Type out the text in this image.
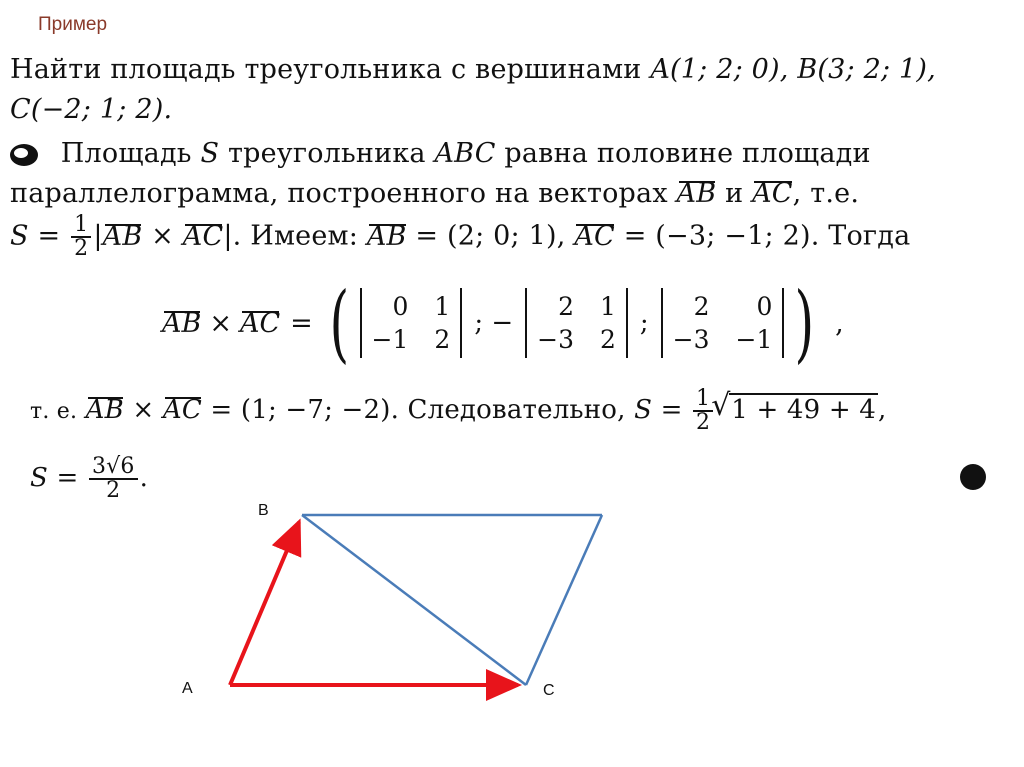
Пример
Найти площадь треугольника с вершинами A(1; 2; 0), B(3; 2; 1),
C(−2; 1; 2).
Площадь S треугольника ABC равна половине площади
параллелограмма, построенного на векторах AB и AC, т.е.
$S = \frac{1}{2} |AB \times AC|$. Имеем: AB = (2; 0; 1), AC = (−3; −1; 2). Тогда
AB × AC = (	0 1
−1 2
; −
2 1
−3 2
;
2	0
−3 −1 ) ,
т. е. AB × AC = (1; −7; −2). Следовательно, $S = \frac{1}{2}$
√ 1 + 49 + 4,
$S = \frac{3√6}{2}$ .
B
A	C
